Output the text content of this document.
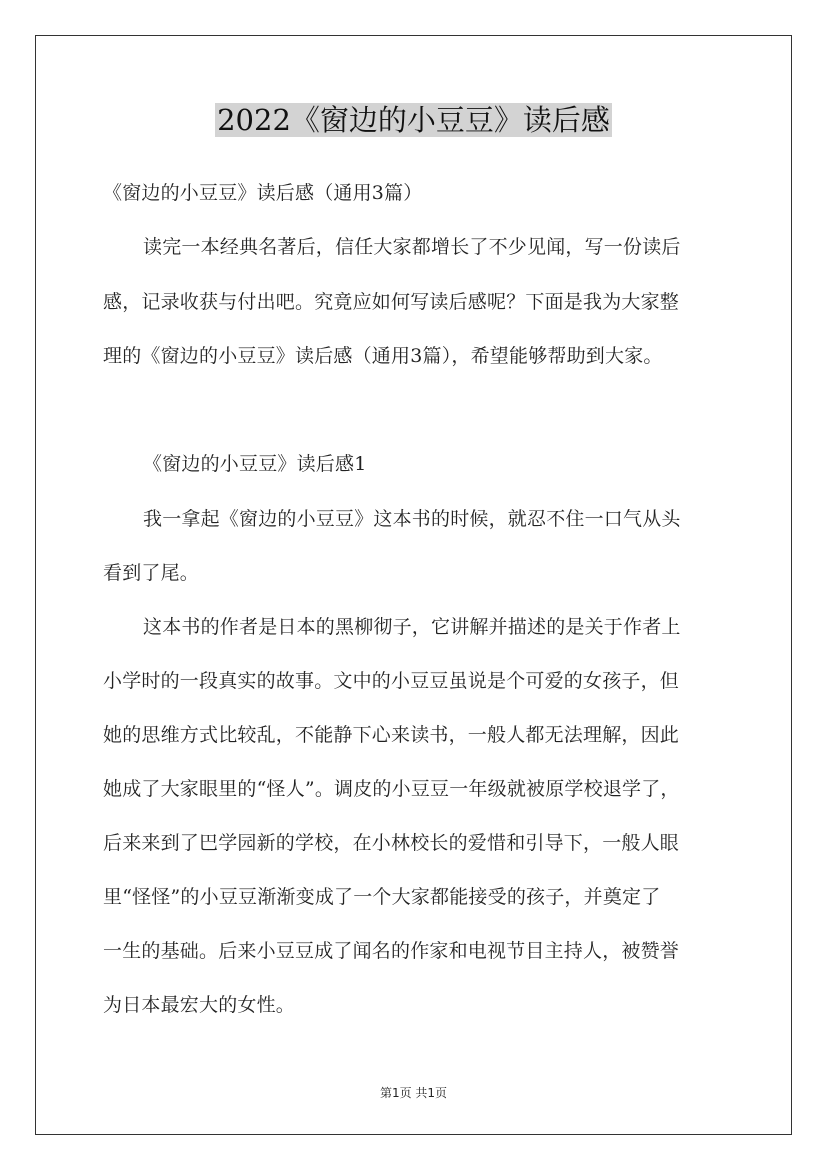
2022《窗边的小豆豆》读后感
《窗边的小豆豆》读后感（通用3篇）
读完一本经典名著后，信任大家都增长了不少见闻，写一份读后
感，记录收获与付出吧。究竟应如何写读后感呢？下面是我为大家整
理的《窗边的小豆豆》读后感（通用3篇），希望能够帮助到大家。
《窗边的小豆豆》读后感1
我一拿起《窗边的小豆豆》这本书的时候，就忍不住一口气从头
看到了尾。
这本书的作者是日本的黑柳彻子，它讲解并描述的是关于作者上
小学时的一段真实的故事。文中的小豆豆虽说是个可爱的女孩子，但
她的思维方式比较乱，不能静下心来读书，一般人都无法理解，因此
她成了大家眼里的“怪人”。调皮的小豆豆一年级就被原学校退学了，
后来来到了巴学园新的学校，在小林校长的爱惜和引导下，一般人眼
里“怪怪”的小豆豆渐渐变成了一个大家都能接受的孩子，并奠定了
一生的基础。后来小豆豆成了闻名的作家和电视节目主持人，被赞誉
为日本最宏大的女性。
第1页 共1页
